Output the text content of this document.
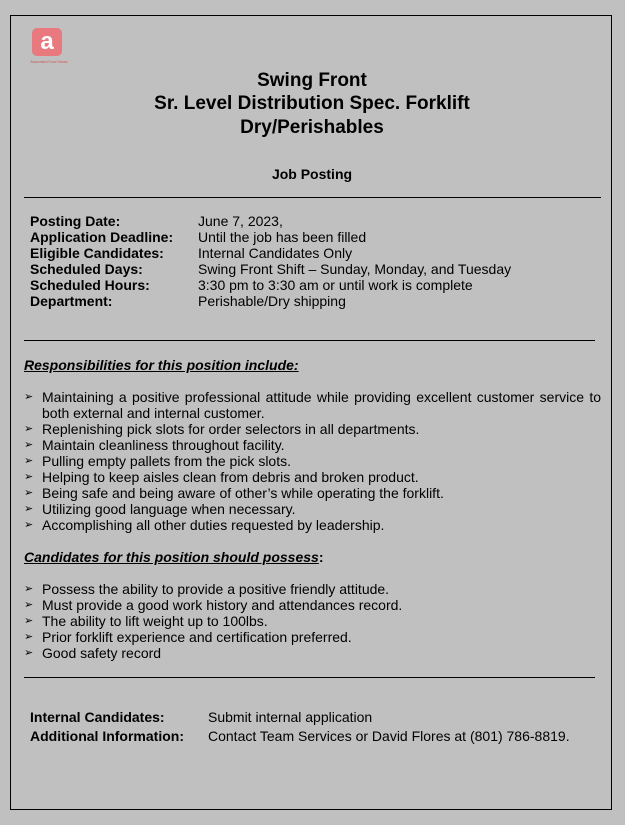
a
Associated Food Stores
Swing Front
Sr. Level Distribution Spec. Forklift
Dry/Perishables
Job Posting
Posting Date:	June 7, 2023,
Application Deadline: Until the job has been filled
Eligible Candidates: Internal Candidates Only
Scheduled Days:	Swing Front Shift – Sunday, Monday, and Tuesday
Scheduled Hours:	3:30 pm to 3:30 am or until work is complete
Department:	Perishable/Dry shipping
Responsibilities for this position include:
➢ Maintaining a positive professional attitude while providing excellent customer service to both external and internal customer.
➢ Replenishing pick slots for order selectors in all departments.
➢ Maintain cleanliness throughout facility.
➢ Pulling empty pallets from the pick slots.
➢ Helping to keep aisles clean from debris and broken product.
➢ Being safe and being aware of other’s while operating the forklift.
➢ Utilizing good language when necessary.
➢ Accomplishing all other duties requested by leadership.
Candidates for this position should possess:
➢ Possess the ability to provide a positive friendly attitude.
➢ Must provide a good work history and attendances record.
➢ The ability to lift weight up to 100lbs.
➢ Prior forklift experience and certification preferred.
➢ Good safety record
Internal Candidates:	Submit internal application
Additional Information: Contact Team Services or David Flores at (801) 786-8819.
